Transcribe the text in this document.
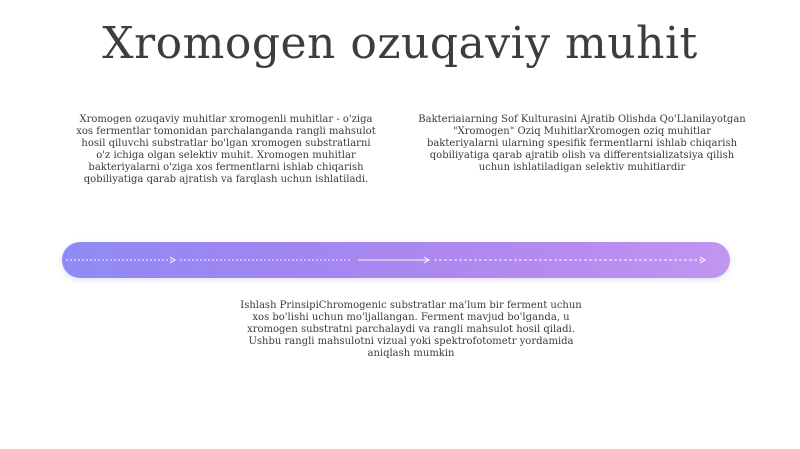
Xromogen ozuqaviy muhit

Xromogen ozuqaviy muhitlar xromogenli muhitlar - o'ziga xos fermentlar tomonidan parchalanganda rangli mahsulot hosil qiluvchi substratlar bo'lgan xromogen substratlarni o'z ichiga olgan selektiv muhit. Xromogen muhitlar bakteriyalarni o'ziga xos fermentlarni ishlab chiqarish qobiliyatiga qarab ajratish va farqlash uchun ishlatiladi.

Bakteriaiarning Sof Kulturasini Ajratib Olishda Qo'Llanilayotgan "Xromogen" Oziq MuhitlarXromogen oziq muhitlar bakteriyalarni ularning spesifik fermentlarni ishlab chiqarish qobiliyatiga qarab ajratib olish va differentsializatsiya qilish uchun ishlatiladigan selektiv muhitlardir

Ishlash PrinsipiChromogenic substratlar ma'lum bir ferment uchun xos bo'lishi uchun mo'ljallangan. Ferment mavjud bo'lganda, u xromogen substratni parchalaydi va rangli mahsulot hosil qiladi. Ushbu rangli mahsulotni vizual yoki spektrofotometr yordamida aniqlash mumkin
